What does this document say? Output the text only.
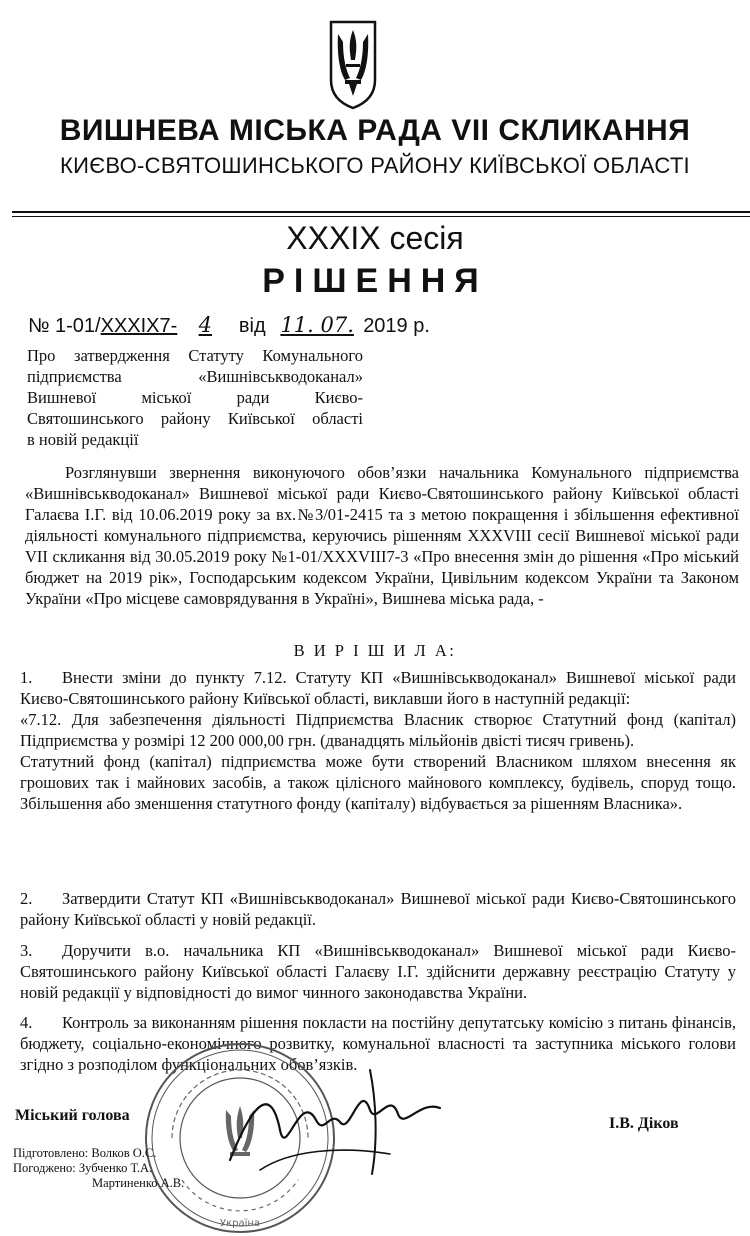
ВИШНЕВА МІСЬКА РАДА VII СКЛИКАННЯ
КИЄВО-СВЯТОШИНСЬКОГО РАЙОНУ КИЇВСЬКОЇ ОБЛАСТІ
XXXIX сесія
РІШЕННЯ
№ 1-01/XXXIX7- 4 від 11. 07. 2019 р.
Про затвердження Статуту Комунального
підприємства «Вишнівськводоканал»
Вишневої міської ради Києво-
Святошинського району Київської області
в новій редакції

Розглянувши звернення виконуючого обов’язки начальника Комунального підприємства «Вишнівськводоканал» Вишневої міської ради Києво-Святошинського району Київської області Галаєва І.Г. від 10.06.2019 року за вх.№3/01-2415 та з метою покращення і збільшення ефективної діяльності комунального підприємства, керуючись рішенням XXXVIII сесії Вишневої міської ради VII скликання від 30.05.2019 року №1-01/XXXVIII7-3 «Про внесення змін до рішення «Про міський бюджет на 2019 рік», Господарським кодексом України, Цивільним кодексом України та Законом України «Про місцеве самоврядування в Україні», Вишнева міська рада, -

В И Р І Ш И Л А:

1. Внести зміни до пункту 7.12. Статуту КП «Вишнівськводоканал» Вишневої міської ради Києво-Святошинського району Київської області, виклавши його в наступній редакції:

«7.12. Для забезпечення діяльності Підприємства Власник створює Статутний фонд (капітал) Підприємства у розмірі 12 200 000,00 грн. (дванадцять мільйонів двісті тисяч гривень).

Статутний фонд (капітал) підприємства може бути створений Власником шляхом внесення як грошових так і майнових засобів, а також цілісного майнового комплексу, будівель, споруд тощо. Збільшення або зменшення статутного фонду (капіталу) відбувається за рішенням Власника».

2. Затвердити Статут КП «Вишнівськводоканал» Вишневої міської ради Києво-Святошинського району Київської області у новій редакції.

3. Доручити в.о. начальника КП «Вишнівськводоканал» Вишневої міської ради Києво-Святошинського району Київської області Галаєву І.Г. здійснити державну реєстрацію Статуту у новій редакції у відповідності до вимог чинного законодавства України.

4. Контроль за виконанням рішення покласти на постійну депутатську комісію з питань фінансів, бюджету, соціально-економічного розвитку, комунальної власності та заступника міського голови згідно з розподілом функціональних обов’язків.

Україна
Міський голова	І.В. Діков
Підготовлено: Волков О.С.
Погоджено: Зубченко Т.А.
Мартиненко А.В.
